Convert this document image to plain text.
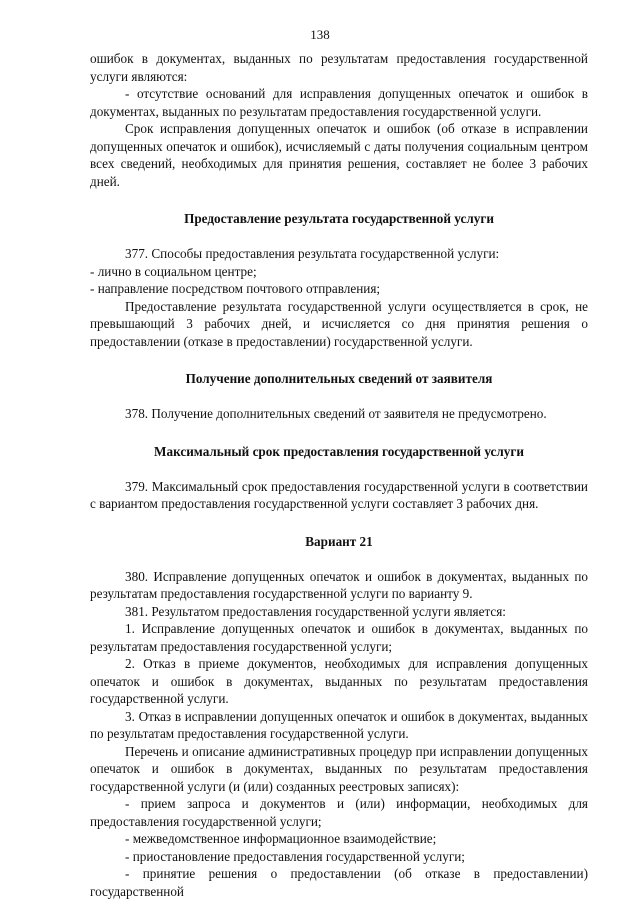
138

ошибок в документах, выданных по результатам предоставления государственной услуги являются:

- отсутствие оснований для исправления допущенных опечаток и ошибок в документах, выданных по результатам предоставления государственной услуги.

Срок исправления допущенных опечаток и ошибок (об отказе в исправлении допущенных опечаток и ошибок), исчисляемый с даты получения социальным центром всех сведений, необходимых для принятия решения, составляет не более 3 рабочих дней.

Предоставление результата государственной услуги

377. Способы предоставления результата государственной услуги:

- лично в социальном центре;

- направление посредством почтового отправления;

Предоставление результата государственной услуги осуществляется в срок, не превышающий 3 рабочих дней, и исчисляется со дня принятия решения о предоставлении (отказе в предоставлении) государственной услуги.

Получение дополнительных сведений от заявителя

378. Получение дополнительных сведений от заявителя не предусмотрено.

Максимальный срок предоставления государственной услуги

379. Максимальный срок предоставления государственной услуги в соответствии с вариантом предоставления государственной услуги составляет 3 рабочих дня.

Вариант 21

380. Исправление допущенных опечаток и ошибок в документах, выданных по результатам предоставления государственной услуги по варианту 9.

381. Результатом предоставления государственной услуги является:

1. Исправление допущенных опечаток и ошибок в документах, выданных по результатам предоставления государственной услуги;

2. Отказ в приеме документов, необходимых для исправления допущенных опечаток и ошибок в документах, выданных по результатам предоставления государственной услуги.

3. Отказ в исправлении допущенных опечаток и ошибок в документах, выданных по результатам предоставления государственной услуги.

Перечень и описание административных процедур при исправлении допущенных опечаток и ошибок в документах, выданных по результатам предоставления государственной услуги (и (или) созданных реестровых записях):

- прием запроса и документов и (или) информации, необходимых для предоставления государственной услуги;

- межведомственное информационное взаимодействие;

- приостановление предоставления государственной услуги;

- принятие решения о предоставлении (об отказе в предоставлении) государственной
